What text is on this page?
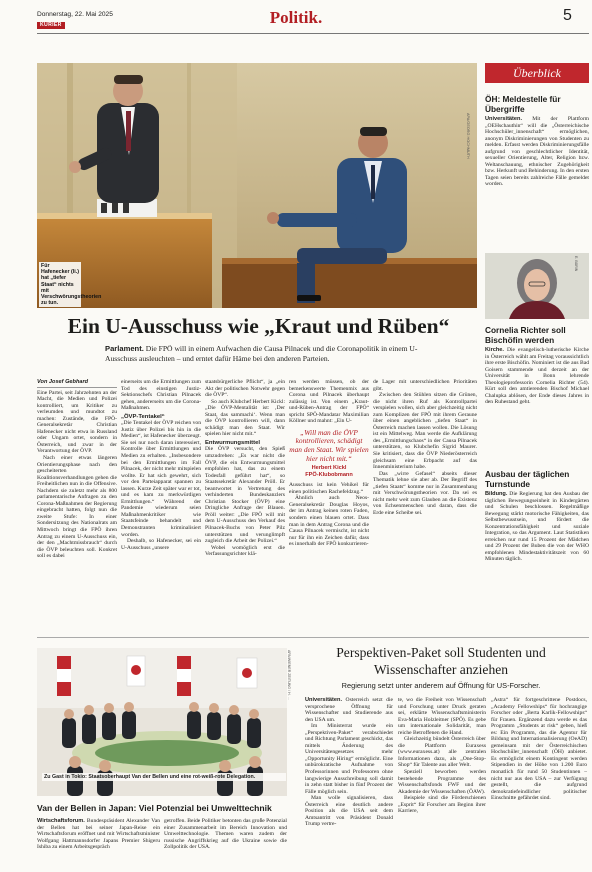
Donnerstag, 22. Mai 2025
KURIER	Politik.	5
APA/GEORG HOCHMUTH
Für Hafenecker (li.) hat „tiefer Staat“ nichts mit Verschwörungstheorien zu tun.
Ein U-Ausschuss wie „Kraut und Rüben“
Parlament. Die FPÖ will in einem Aufwachen die Causa Pilnacek und die Coronapolitik in einem U-Ausschuss ausleuchten – und erntet dafür Häme bei den anderen Parteien.
Von Josef Gebhard

Eine Partei, seit Jahrzehnten an der Macht, die Medien und Polizei kontrolliert, um Kritiker zu verleumden und mundtot zu machen: Zustände, die FPÖ-Generalsekretär Christian Hafenecker nicht etwa in Russland oder Ungarn ortet, sondern in Österreich, und zwar in der Verantwortung der ÖVP.

Nach einer etwas längeren Orientierungsphase nach den gescheiterten Koalitionsverhandlungen gehen die Freiheitlichen nun in die Offensive. Nachdem sie zuletzt mehr als 800 parlamentarische Anfragen zu den Corona-Maßnahmen der Regierung eingebracht hatten, folgt nun die zweite Stufe: In einer Sondersitzung des Nationalrats am Mittwoch bringt die FPÖ ihren Antrag zu einem U-Ausschuss ein, der den „Machtmissbrauch“ durch die ÖVP beleuchten soll. Konkret soll es dabei

einerseits um die Ermittlungen zum Tod des einstigen Justiz-Sektionschefs Christian Pilnacek gehen, andererseits um die Corona-Maßnahmen.

„ÖVP-Tentakel“

„Die Tentakel der ÖVP reichen von Justiz über Polizei bis hin in die Medien“, ist Hafenecker überzeugt. Sie sei nur noch daran interessiert, Kontrolle über Ermittlungen und Medien zu erhalten. „Insbesondere bei den Ermittlungen im Fall Pilnacek, der nicht mehr mitspielen wollte. Er hat sich gewehrt, sich vor den Parteiapparat spannen zu lassen. Kurze Zeit später war er tot, und es kam zu merkwürdigen Ermittlungen.“ Während der Pandemie wiederum seien Maßnahmenkritiker wie Staatsfeinde behandelt und Demonstranten kriminalisiert worden.

Deshalb, so Hafenecker, sei ein U-Ausschuss „unsere

staatsbürgerliche Pflicht“, ja „ein Akt der politischen Notwehr gegen die ÖVP“.

So auch Klubchef Herbert Kickl: „Die ÖVP-Mentalität ist: ‚Der Staat, das sammachi‘. Wenn man die ÖVP kontrollieren will, dann schädigt man den Staat. Wir spielen hier nicht mit.“

Entwurmungsmittel

Die ÖVP versucht, den Spieß umzudrehen: „Es war nicht die ÖVP, die ein Entwurmungsmittel empfohlen hat, das zu einem Todesfall geführt hat“, so Staatssekretär Alexander Pröll. Er beantwortet in Vertretung des verhinderten Bundeskanzlers Christian Stocker (ÖVP) eine Dringliche Anfrage der Blauen. Pröll weiter: „Die FPÖ will mit dem U-Ausschuss den Verkauf des Pilnacek-Buchs von Peter Pilz unterstützen und verunglimpft zugleich die Arbeit der Polizei.“

Wobei womöglich erst die Verfassungsrichter klä-

ren werden müssen, ob der bemerkenswerte Themenmix aus Corona und Pilnacek überhaupt zulässig ist. Von einem „Kraut-und-Rüben-Antrag der FPÖ“ spricht SPÖ-Mandatar Maximilian Köllner und mahnt: „Ein U-

„Will man die ÖVP kontrollieren, schädigt man den Staat. Wir spielen hier nicht mit.“
Herbert Kickl
FPÖ-Klubobmann

Ausschuss ist kein Vehikel für einen politischen Rachefeldzug.“

Ähnlich auch Neos-Generalsekretär Douglas Hoyos, der im Antrag keinen roten Faden, sondern einen blauen ortet. Dass man in dem Antrag Corona und die Causa Pilnacek vermischt, ist nicht nur für ihn ein Zeichen dafür, dass es innerhalb der FPÖ konkurrieren-

de Lager mit unterschiedlichen Prioritäten gibt.

Zwischen den Stühlen sitzen die Grünen, die nicht ihren Ruf als Kontrollpartei verspielen wollen, sich aber gleichzeitig nicht zum Komplizen der FPÖ mit ihrem Geraune über einen angeblichen „tiefen Staat“ in Österreich machen lassen wollen. Die Lösung ist ein Mittelweg. Man werde die Aufklärung des „Ermittlungschaos“ in der Causa Pilnacek unterstützen, so Klubchefin Sigrid Maurer. Sie kritisiert, dass die ÖVP Niederösterreich gleichsam eine Erbpacht auf das Innenministerium habe.

Das „wirre Gefasel“ abseits dieser Thematik lehne sie aber ab. Der Begriff des „tiefen Staats“ komme nur in Zusammenhang mit Verschwörungstheorien vor. Da sei es nicht mehr weit zum Glauben an die Existenz von Echsenmenschen und daran, dass die Erde eine Scheibe sei.

Überblick
ÖH: Meldestelle für Übergriffe
Universitäten. Mit der Plattform „OEHschauthin“ will die „Österreichische Hochschüler_innenschaft“ ermöglichen, anonym Diskriminierungen von Studenten zu melden. Erfasst werden Diskriminierungsfälle aufgrund von geschlechtlicher Identität, sexueller Orientierung, Alter, Religion bzw. Weltanschauung, ethnischer Zugehörigkeit bzw. Herkunft und Behinderung. In den ersten Tagen seien bereits zahlreiche Fälle gemeldet worden.
E. BÄRIN
Cornelia Richter soll Bischöfin werden
Kirche. Die evangelisch-lutherische Kirche in Österreich wählt am Freitag voraussichtlich ihre erste Bischöfin. Nominiert ist die aus Bad Goisern stammende und derzeit an der Universität in Bonn lehrende Theologieprofessorin Cornelia Richter (54). Kürt soll den amtierenden Bischof Michael Chalupka ablösen, der Ende dieses Jahres in den Ruhestand geht.
Ausbau der täglichen Turnstunde
Bildung. Die Regierung hat den Ausbau der täglichen Bewegungseinheit in Kindergärten und Schulen beschlossen. Regelmäßige Bewegung stärkt motorische Fähigkeiten, das Selbstbewusstsein, und fördert die Konzentrationsfähigkeit und soziale Integration, so das Argument. Laut Statistiken erreichen nur rund 15 Prozent der Mädchen und 29 Prozent der Buben die von der WHO empfohlenen Mindestaktivitätszeit von 60 Minuten täglich.
APA/WIENER ZEITUNG / H. ...
Zu Gast in Tokio: Staatsoberhaupt Van der Bellen und eine rot-weiß-rote Delegation.
Van der Bellen in Japan: Viel Potenzial bei Umwelttechnik

Wirtschaftsforum. Bundespräsident Alexander Van der Bellen hat bei seiner Japan-Reise ein Wirtschaftsforum eröffnet und mit Wirtschaftsminister Wolfgang Hattmannsdorfer Japans Premier Shigeru Ishiba zu einem Arbeitsgespräch

getroffen. Beide Politiker betonten das große Potenzial einer Zusammenarbeit im Bereich Innovation und Umwelttechnologie. Themen waren zudem der russische Angriffskrieg auf die Ukraine sowie die Zollpolitik der USA.

Perspektiven-Paket soll Studenten und Wissenschafter anziehen
Regierung setzt unter anderem auf Öffnung für US-Forscher.

Universitäten. Österreich setzt die versprochene Öffnung für Wissenschafter und Studierende aus den USA um.

Im Ministerrat wurde ein „Perspektiven-Paket“ verabschiedet und Richtung Parlament geschickt, das mittels Änderung des Universitätengesetzes mehr „Opportunity Hiring“ ermöglicht. Eine unbürokratische Aufnahme von Professorinnen und Professoren ohne langwierige Ausschreibung soll damit in zehn statt bisher in fünf Prozent der Fälle möglich sein.

Man wolle signalisieren, dass Österreich eine deutlich andere Position als die USA seit dem Amtsantritt von Präsident Donald Trump vertre-

te, wo die Freiheit von Wissenschaft und Forschung unter Druck geraten sei, erklärte Wissenschaftsministerin Eva-Maria Holzleitner (SPÖ). Es gebe um internationale Solidarität, man reiche Betroffenen die Hand.

Gleichzeitig bündelt Österreich über die Plattform Euraxess (www.euraxess.at) alle zentralen Informationen dazu, als „One-Stop-Shop“ für Talente aus aller Welt.

Speziell beworben werden bestehende Programme des Wissenschaftsfonds FWF und der Akademie der Wissenschaften (ÖAW).

Beispiele sind die Förderschienen „Esprit“ für Forscher am Beginn ihrer Karriere,

„Astra“ für fortgeschrittene Postdocs, „Academy Fellowships“ für hochrangige Forscher oder „Berta Karlik-Fellowships“ für Frauen. Ergänzend dazu werde es das Programm „Students at risk“ geben, hieß es: Ein Programm, das die Agentur für Bildung und Internationalisierung (OeAD) gemeinsam mit der Österreichischen Hochschüler_innenschaft (ÖH) anbietet. Es ermöglicht einem Kontingent werden Stipendien in der Höhe von 1.200 Euro monatlich für rund 50 Studentinnen – nicht nur aus den USA – zur Verfügung gestellt, die aufgrund demokratiefeindlicher politischer Einschnitte gefährdet sind.
